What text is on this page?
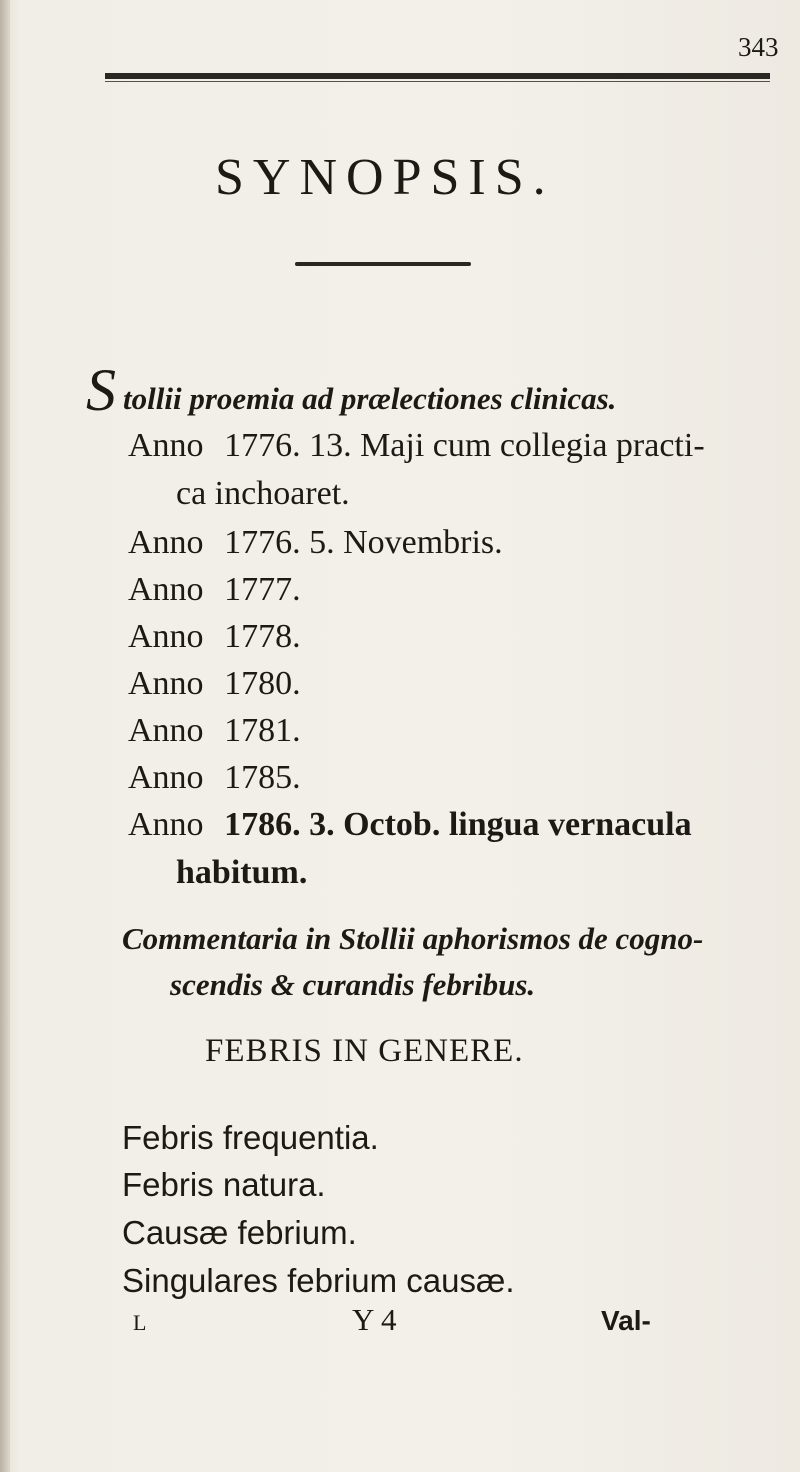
343
SYNOPSIS.
S tollii proemia ad prælectiones clinicas.
Anno 1776. 13. Maji cum collegia practi-
ca inchoaret.
Anno 1776. 5. Novembris.
Anno 1777.
Anno 1778.
Anno 1780.
Anno 1781.
Anno 1785.
Anno 1786. 3. Octob. lingua vernacula
habitum.
Commentaria in Stollii aphorismos de cogno-
scendis & curandis febribus.
FEBRIS IN GENERE.
Febris frequentia.
Febris natura.
Causæ febrium.
Singulares febrium causæ.
L	Y 4	Val-
